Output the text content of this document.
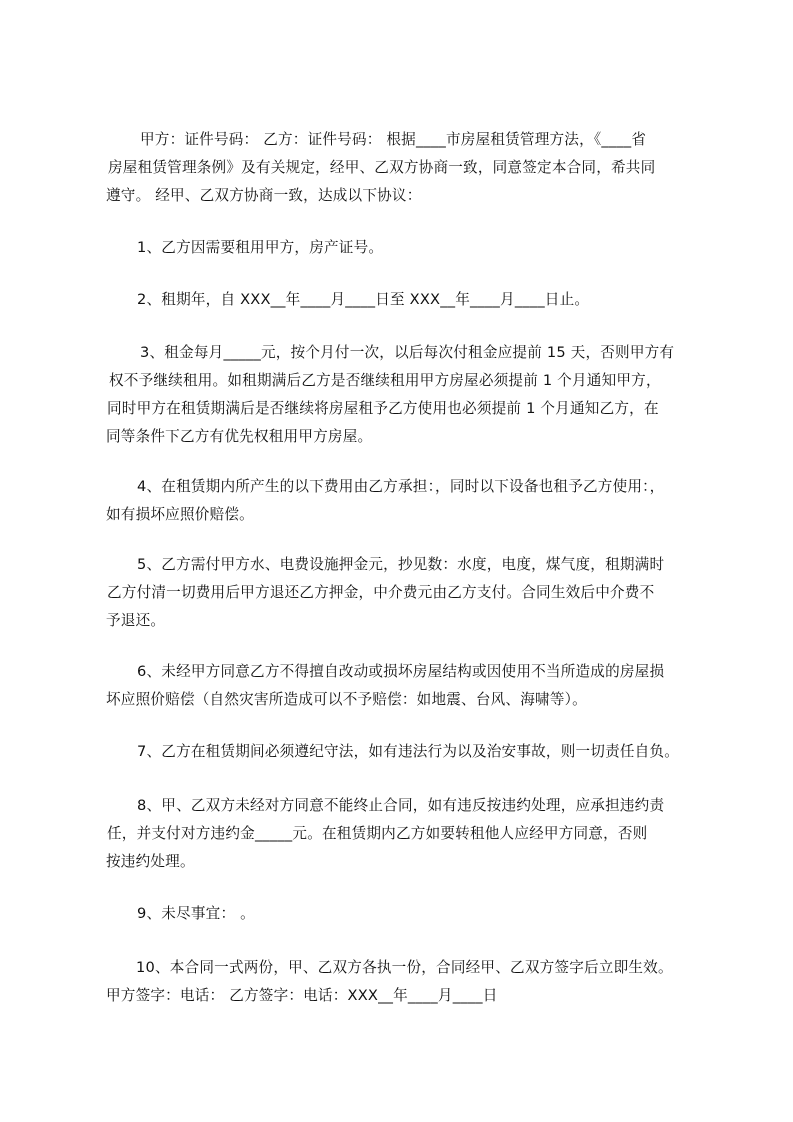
甲方：证件号码： 乙方：证件号码： 根据____市房屋租赁管理方法，《____省
房屋租赁管理条例》及有关规定，经甲、乙双方协商一致，同意签定本合同，希共同
遵守。 经甲、乙双方协商一致，达成以下协议：
1、乙方因需要租用甲方，房产证号。
2、租期年，自 XXX__年____月____日至 XXX__年____月____日止。
3、租金每月_____元，按个月付一次，以后每次付租金应提前 15 天，否则甲方有
权不予继续租用。如租期满后乙方是否继续租用甲方房屋必须提前 1 个月通知甲方，
同时甲方在租赁期满后是否继续将房屋租予乙方使用也必须提前 1 个月通知乙方，在
同等条件下乙方有优先权租用甲方房屋。
4、在租赁期内所产生的以下费用由乙方承担：，同时以下设备也租予乙方使用：，
如有损坏应照价赔偿。
5、乙方需付甲方水、电费设施押金元，抄见数：水度，电度，煤气度，租期满时
乙方付清一切费用后甲方退还乙方押金，中介费元由乙方支付。合同生效后中介费不
予退还。
6、未经甲方同意乙方不得擅自改动或损坏房屋结构或因使用不当所造成的房屋损
坏应照价赔偿（自然灾害所造成可以不予赔偿：如地震、台风、海啸等）。
7、乙方在租赁期间必须遵纪守法，如有违法行为以及治安事故，则一切责任自负。
8、甲、乙双方未经对方同意不能终止合同，如有违反按违约处理，应承担违约责
任，并支付对方违约金_____元。在租赁期内乙方如要转租他人应经甲方同意，否则
按违约处理。
9、未尽事宜： 。
10、本合同一式两份，甲、乙双方各执一份，合同经甲、乙双方签字后立即生效。
甲方签字：电话： 乙方签字：电话：XXX__年____月____日
